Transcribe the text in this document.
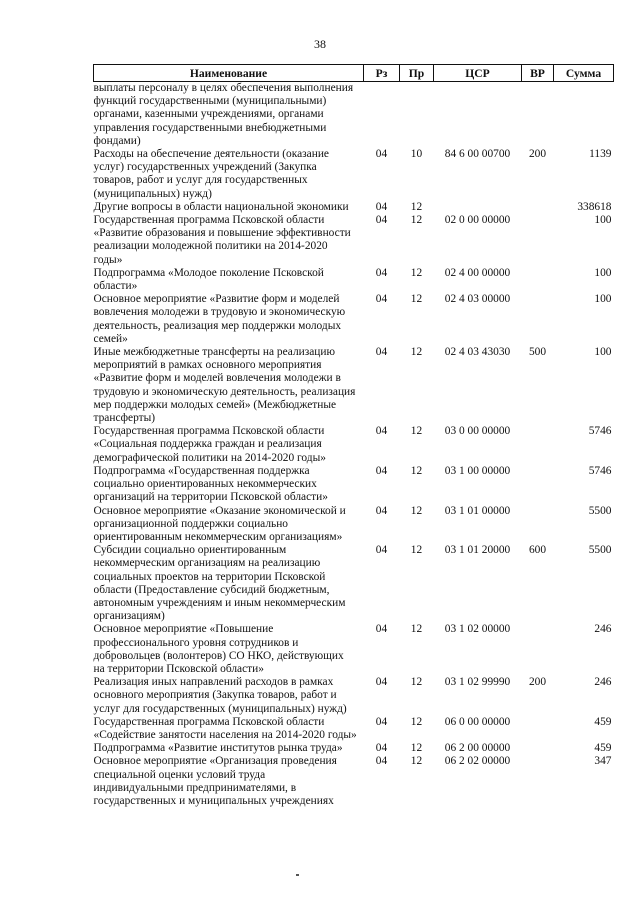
38
Наименование	Рз	Пр	ЦСР	ВР	Сумма
выплаты персоналу в целях обеспечения выполнения функций государственными (муниципальными) органами, казенными учреждениями, органами управления государственными внебюджетными фондами)					
Расходы на обеспечение деятельности (оказание услуг) государственных учреждений (Закупка товаров, работ и услуг для государственных (муниципальных) нужд)	04	10	84 6 00 00700	200	1139
Другие вопросы в области национальной экономики	04	12			338618
Государственная программа Псковской области «Развитие образования и повышение эффективности реализации молодежной политики на 2014-2020 годы»	04	12	02 0 00 00000		100
Подпрограмма «Молодое поколение Псковской области»	04	12	02 4 00 00000		100
Основное мероприятие «Развитие форм и моделей вовлечения молодежи в трудовую и экономическую деятельность, реализация мер поддержки молодых семей»	04	12	02 4 03 00000		100
Иные межбюджетные трансферты на реализацию мероприятий в рамках основного мероприятия «Развитие форм и моделей вовлечения молодежи в трудовую и экономическую деятельность, реализация мер поддержки молодых семей» (Межбюджетные трансферты)	04	12	02 4 03 43030	500	100
Государственная программа Псковской области «Социальная поддержка граждан и реализация демографической политики на 2014-2020 годы»	04	12	03 0 00 00000		5746
Подпрограмма «Государственная поддержка социально ориентированных некоммерческих организаций на территории Псковской области»	04	12	03 1 00 00000		5746
Основное мероприятие «Оказание экономической и организационной поддержки социально ориентированным некоммерческим организациям»	04	12	03 1 01 00000		5500
Субсидии социально ориентированным некоммерческим организациям на реализацию социальных проектов на территории Псковской области (Предоставление субсидий бюджетным, автономным учреждениям и иным некоммерческим организациям)	04	12	03 1 01 20000	600	5500
Основное мероприятие «Повышение профессионального уровня сотрудников и добровольцев (волонтеров) СО НКО, действующих на территории Псковской области»	04	12	03 1 02 00000		246
Реализация иных направлений расходов в рамках основного мероприятия (Закупка товаров, работ и услуг для государственных (муниципальных) нужд)	04	12	03 1 02 99990	200	246
Государственная программа Псковской области «Содействие занятости населения на 2014-2020 годы»	04	12	06 0 00 00000		459
Подпрограмма «Развитие институтов рынка труда»	04	12	06 2 00 00000		459
Основное мероприятие «Организация проведения специальной оценки условий труда индивидуальными предпринимателями, в государственных и муниципальных учреждениях	04	12	06 2 02 00000		347
